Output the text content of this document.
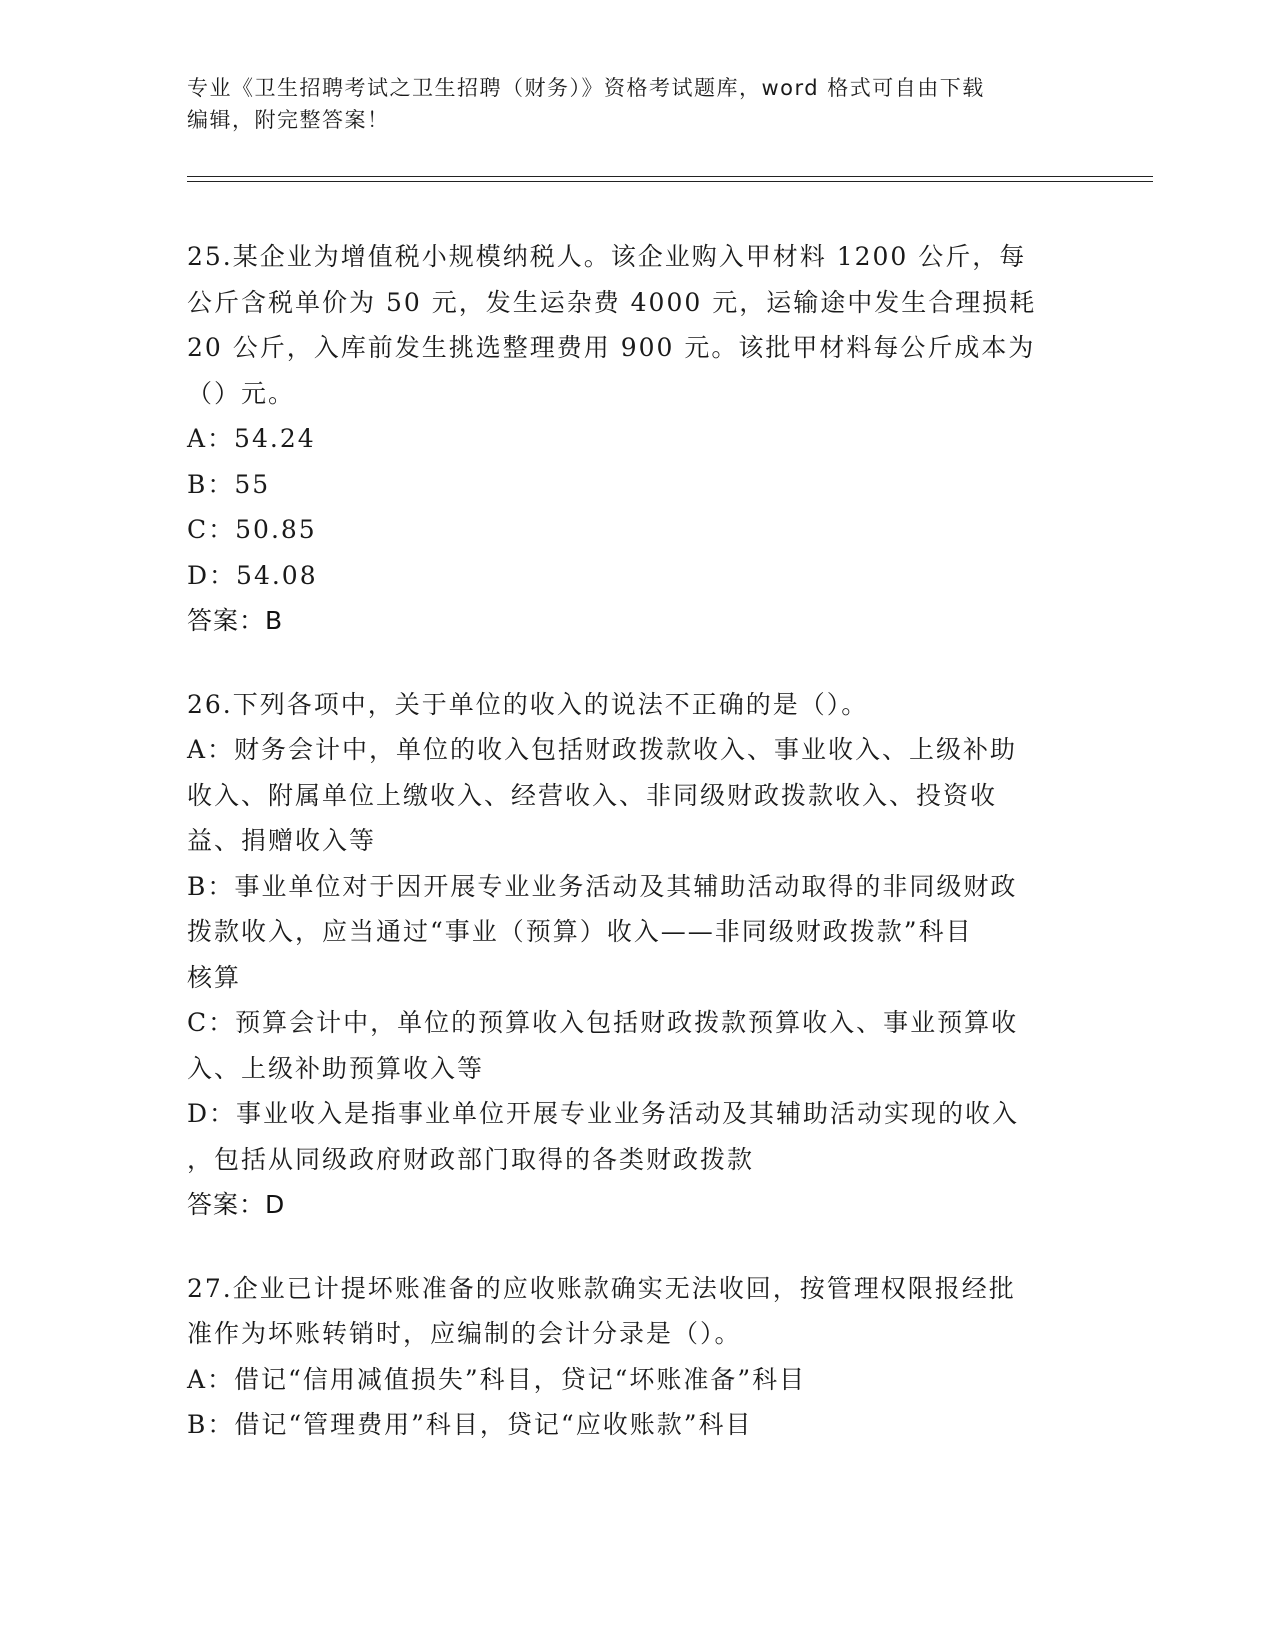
专业《卫生招聘考试之卫生招聘（财务）》资格考试题库，word 格式可自由下载
编辑，附完整答案！
25.某企业为增值税小规模纳税人。该企业购入甲材料 1200 公斤，每
公斤含税单价为 50 元，发生运杂费 4000 元，运输途中发生合理损耗
20 公斤，入库前发生挑选整理费用 900 元。该批甲材料每公斤成本为
（）元。
A：54.24
B：55
C：50.85
D：54.08
答案：B
26.下列各项中，关于单位的收入的说法不正确的是（）。
A：财务会计中，单位的收入包括财政拨款收入、事业收入、上级补助
收入、附属单位上缴收入、经营收入、非同级财政拨款收入、投资收
益、捐赠收入等
B：事业单位对于因开展专业业务活动及其辅助活动取得的非同级财政
拨款收入，应当通过“事业（预算）收入——非同级财政拨款”科目
核算
C：预算会计中，单位的预算收入包括财政拨款预算收入、事业预算收
入、上级补助预算收入等
D：事业收入是指事业单位开展专业业务活动及其辅助活动实现的收入
，包括从同级政府财政部门取得的各类财政拨款
答案：D
27.企业已计提坏账准备的应收账款确实无法收回，按管理权限报经批
准作为坏账转销时，应编制的会计分录是（）。
A：借记“信用减值损失”科目，贷记“坏账准备”科目
B：借记“管理费用”科目，贷记“应收账款”科目
